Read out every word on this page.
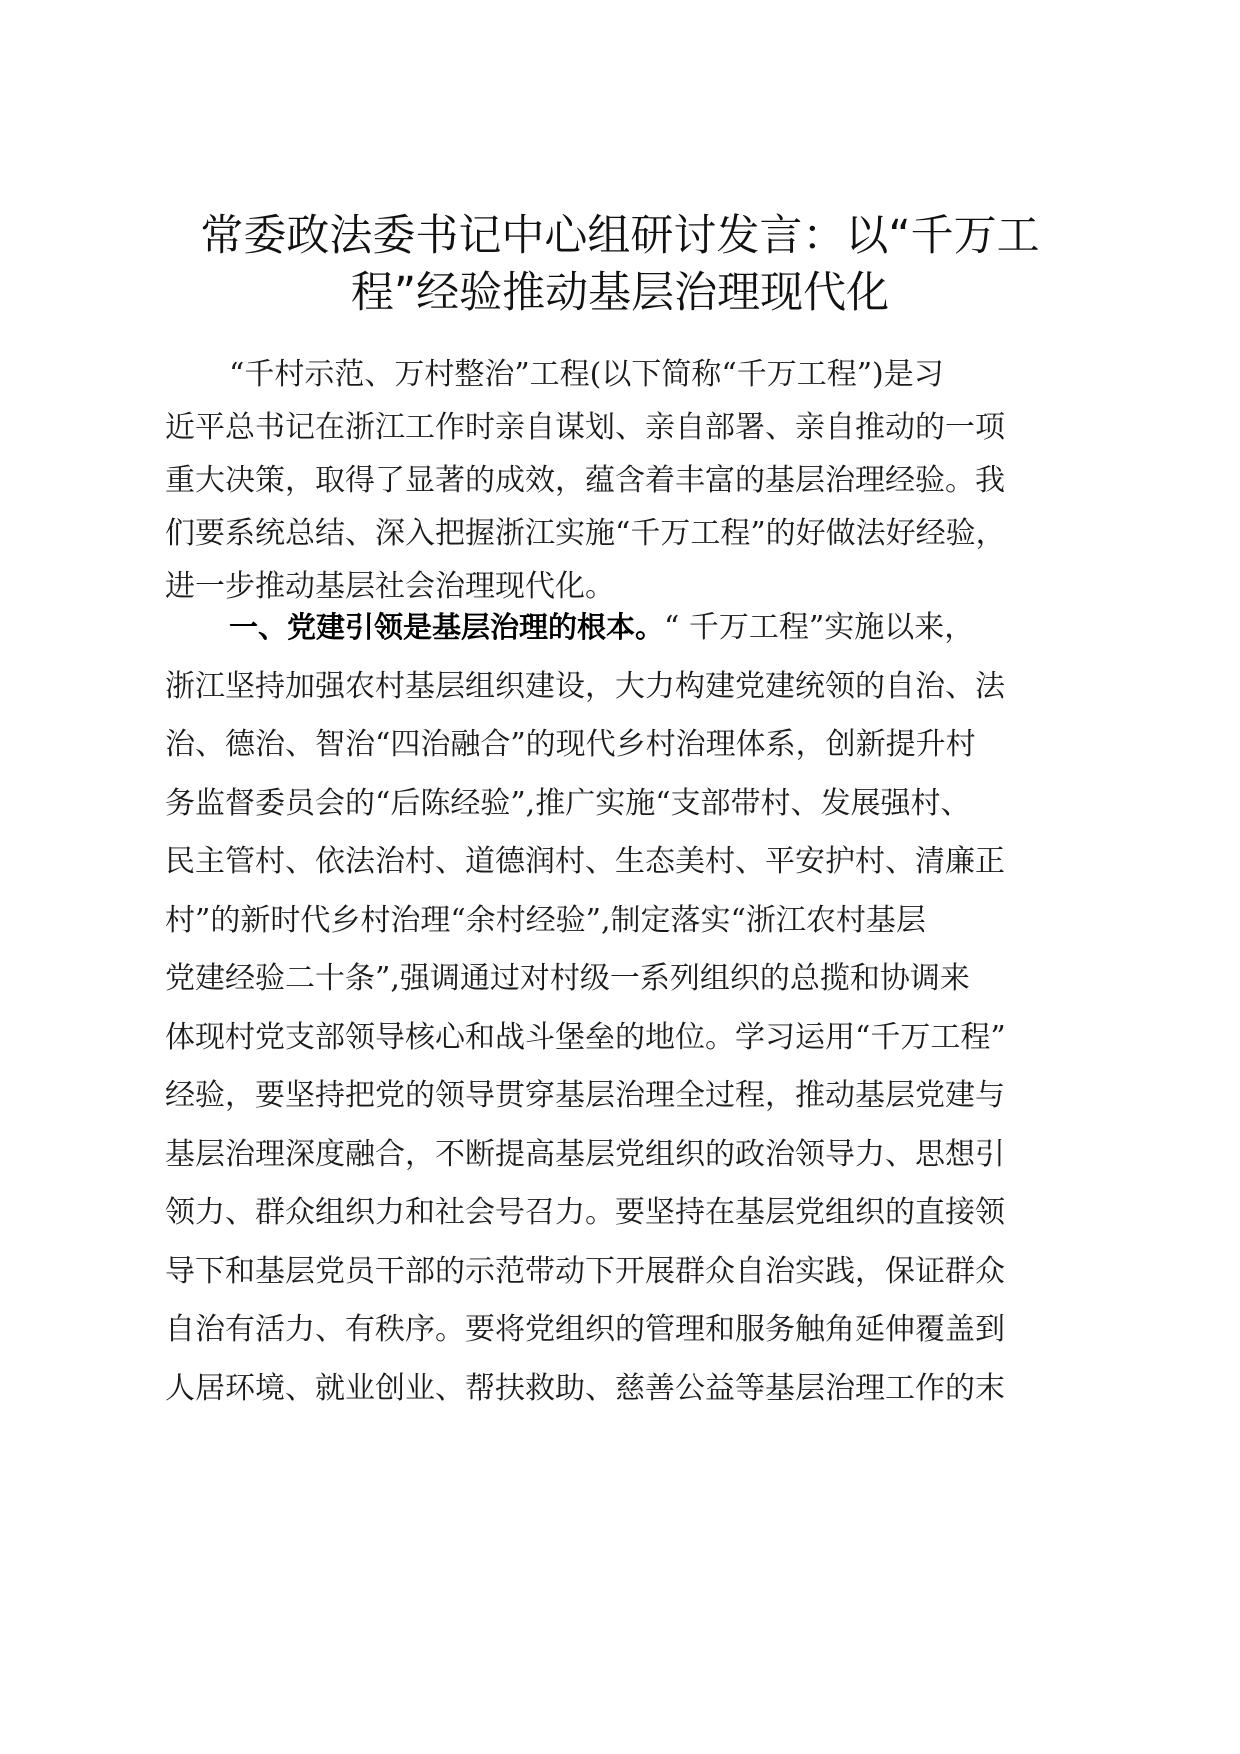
常委政法委书记中心组研讨发言：以“千万工
程”经验推动基层治理现代化
“千村示范、万村整治”工程(以下简称“千万工程”)是习
近平总书记在浙江工作时亲自谋划、亲自部署、亲自推动的一项
重大决策，取得了显著的成效，蕴含着丰富的基层治理经验。我
们要系统总结、深入把握浙江实施“千万工程”的好做法好经验，
进一步推动基层社会治理现代化。
一、党建引领是基层治理的根本。“ 千万工程”实施以来，
浙江坚持加强农村基层组织建设，大力构建党建统领的自治、法
治、德治、智治“四治融合”的现代乡村治理体系，创新提升村
务监督委员会的“后陈经验”,推广实施“支部带村、发展强村、
民主管村、依法治村、道德润村、生态美村、平安护村、清廉正
村”的新时代乡村治理“余村经验”,制定落实“浙江农村基层
党建经验二十条”,强调通过对村级一系列组织的总揽和协调来
体现村党支部领导核心和战斗堡垒的地位。学习运用“千万工程”
经验，要坚持把党的领导贯穿基层治理全过程，推动基层党建与
基层治理深度融合，不断提高基层党组织的政治领导力、思想引
领力、群众组织力和社会号召力。要坚持在基层党组织的直接领
导下和基层党员干部的示范带动下开展群众自治实践，保证群众
自治有活力、有秩序。要将党组织的管理和服务触角延伸覆盖到
人居环境、就业创业、帮扶救助、慈善公益等基层治理工作的末
